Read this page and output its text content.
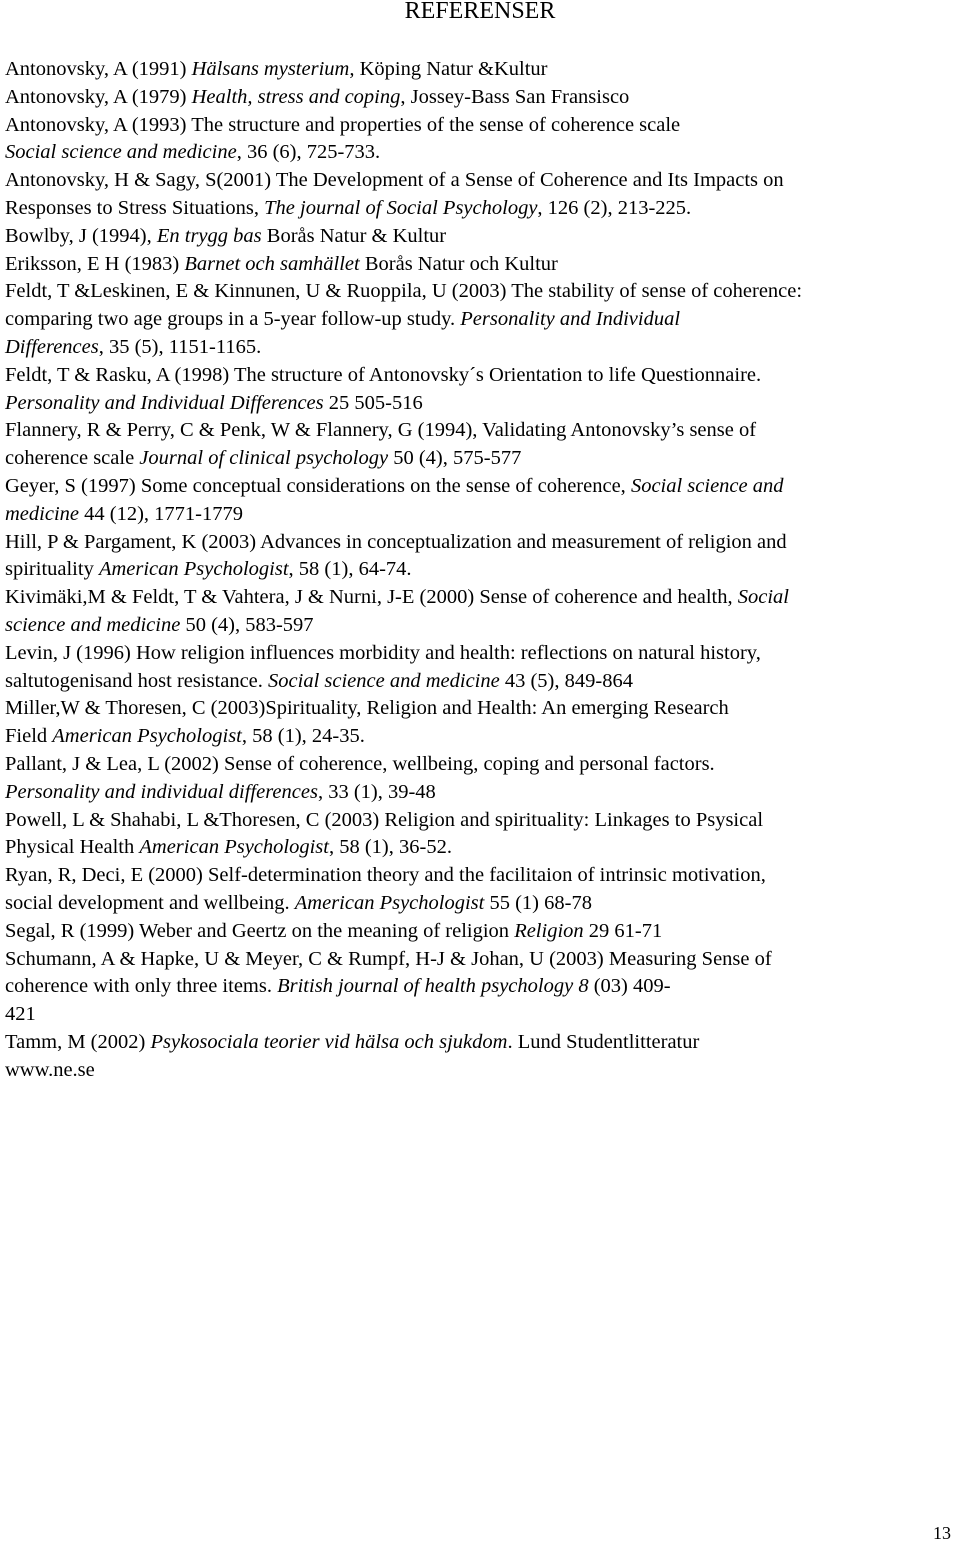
REFERENSER
Antonovsky, A (1991) Hälsans mysterium, Köping Natur &Kultur
Antonovsky, A (1979) Health, stress and coping, Jossey-Bass San Fransisco
Antonovsky, A (1993) The structure and properties of the sense of coherence scale
Social science and medicine, 36 (6), 725-733.
Antonovsky, H & Sagy, S(2001) The Development of a Sense of Coherence and Its Impacts on
Responses to Stress Situations, The journal of Social Psychology, 126 (2), 213-225.
Bowlby, J (1994), En trygg bas Borås Natur & Kultur
Eriksson, E H (1983) Barnet och samhället Borås Natur och Kultur
Feldt, T &Leskinen, E & Kinnunen, U & Ruoppila, U (2003) The stability of sense of coherence:
comparing two age groups in a 5-year follow-up study. Personality and Individual
Differences, 35 (5), 1151-1165.
Feldt, T & Rasku, A (1998) The structure of Antonovsky´s Orientation to life Questionnaire.
Personality and Individual Differences 25 505-516
Flannery, R & Perry, C & Penk, W & Flannery, G (1994), Validating Antonovsky’s sense of
coherence scale Journal of clinical psychology 50 (4), 575-577
Geyer, S (1997) Some conceptual considerations on the sense of coherence, Social science and
medicine 44 (12), 1771-1779
Hill, P & Pargament, K (2003) Advances in conceptualization and measurement of religion and
spirituality American Psychologist, 58 (1), 64-74.
Kivimäki,M & Feldt, T & Vahtera, J & Nurni, J-E (2000) Sense of coherence and health, Social
science and medicine 50 (4), 583-597
Levin, J (1996) How religion influences morbidity and health: reflections on natural history,
saltutogenisand host resistance. Social science and medicine 43 (5), 849-864
Miller,W & Thoresen, C (2003)Spirituality, Religion and Health: An emerging Research
Field American Psychologist, 58 (1), 24-35.
Pallant, J & Lea, L (2002) Sense of coherence, wellbeing, coping and personal factors.
Personality and individual differences, 33 (1), 39-48
Powell, L & Shahabi, L &Thoresen, C (2003) Religion and spirituality: Linkages to Psysical
Physical Health American Psychologist, 58 (1), 36-52.
Ryan, R, Deci, E (2000) Self-determination theory and the facilitaion of intrinsic motivation,
social development and wellbeing. American Psychologist 55 (1) 68-78
Segal, R (1999) Weber and Geertz on the meaning of religion Religion 29 61-71
Schumann, A & Hapke, U & Meyer, C & Rumpf, H-J & Johan, U (2003) Measuring Sense of
coherence with only three items. British journal of health psychology 8 (03) 409-
421
Tamm, M (2002) Psykosociala teorier vid hälsa och sjukdom. Lund Studentlitteratur
www.ne.se
13
